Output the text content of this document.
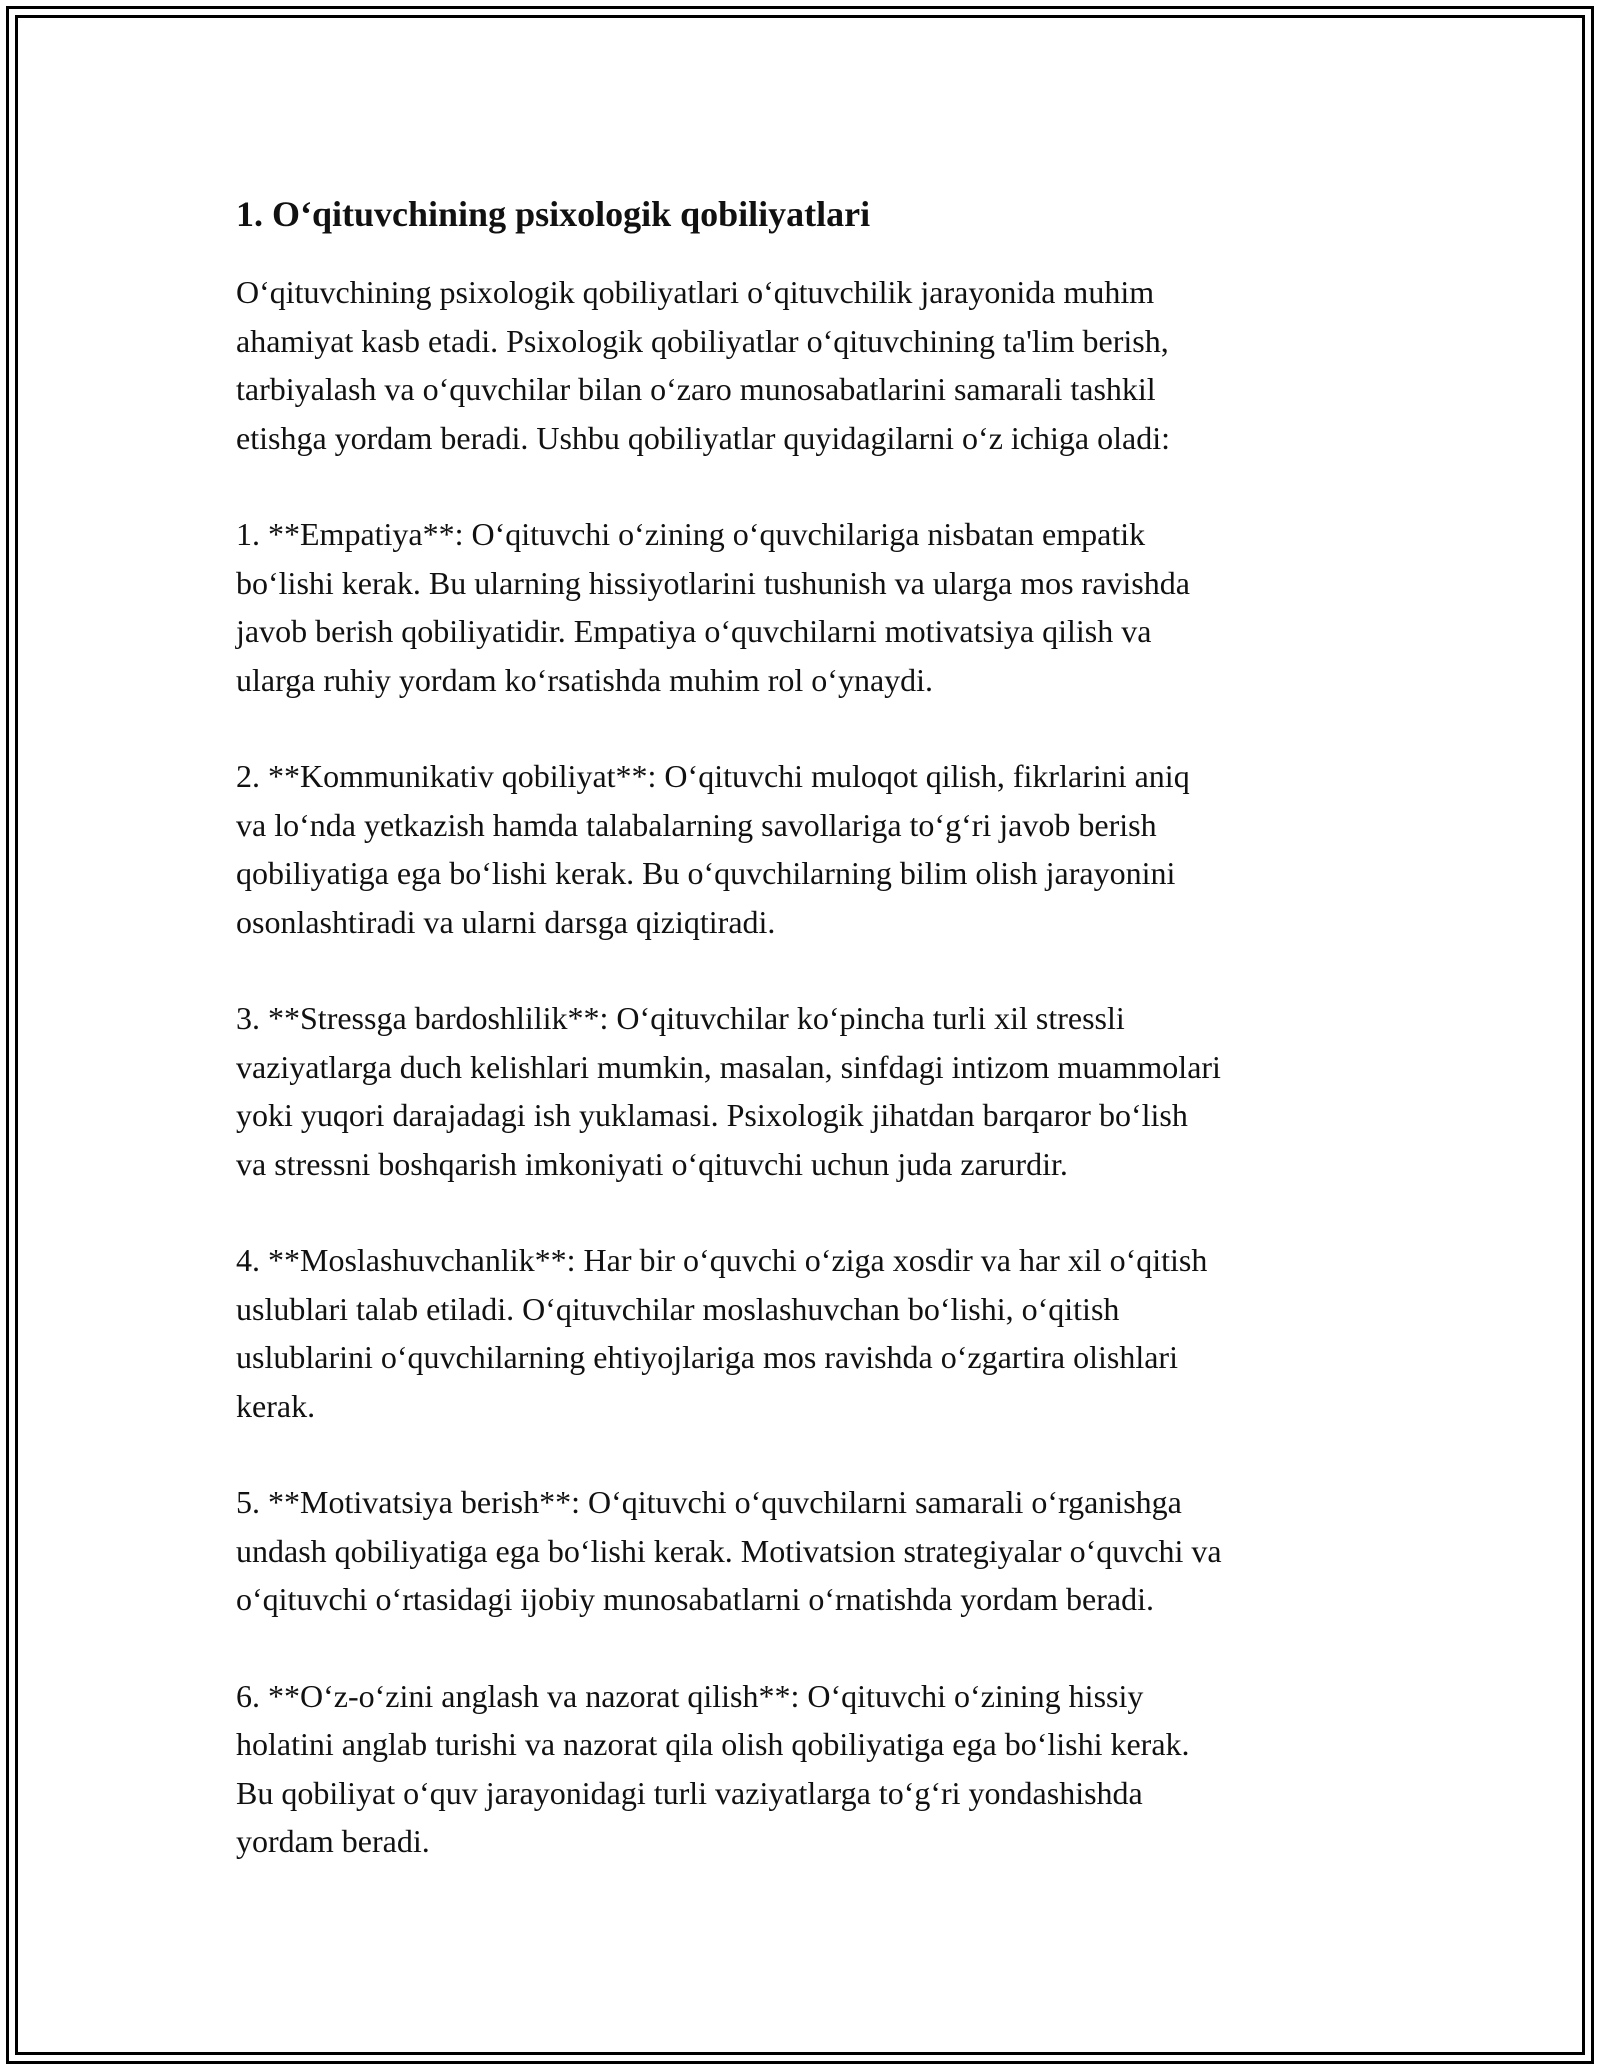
1. O‘qituvchining psixologik qobiliyatlari

O‘qituvchining psixologik qobiliyatlari o‘qituvchilik jarayonida muhim
ahamiyat kasb etadi. Psixologik qobiliyatlar o‘qituvchining ta'lim berish,
tarbiyalash va o‘quvchilar bilan o‘zaro munosabatlarini samarali tashkil
etishga yordam beradi. Ushbu qobiliyatlar quyidagilarni o‘z ichiga oladi:

1. **Empatiya**: O‘qituvchi o‘zining o‘quvchilariga nisbatan empatik
bo‘lishi kerak. Bu ularning hissiyotlarini tushunish va ularga mos ravishda
javob berish qobiliyatidir. Empatiya o‘quvchilarni motivatsiya qilish va
ularga ruhiy yordam ko‘rsatishda muhim rol o‘ynaydi.

2. **Kommunikativ qobiliyat**: O‘qituvchi muloqot qilish, fikrlarini aniq
va lo‘nda yetkazish hamda talabalarning savollariga to‘g‘ri javob berish
qobiliyatiga ega bo‘lishi kerak. Bu o‘quvchilarning bilim olish jarayonini
osonlashtiradi va ularni darsga qiziqtiradi.

3. **Stressga bardoshlilik**: O‘qituvchilar ko‘pincha turli xil stressli
vaziyatlarga duch kelishlari mumkin, masalan, sinfdagi intizom muammolari
yoki yuqori darajadagi ish yuklamasi. Psixologik jihatdan barqaror bo‘lish
va stressni boshqarish imkoniyati o‘qituvchi uchun juda zarurdir.

4. **Moslashuvchanlik**: Har bir o‘quvchi o‘ziga xosdir va har xil o‘qitish
uslublari talab etiladi. O‘qituvchilar moslashuvchan bo‘lishi, o‘qitish
uslublarini o‘quvchilarning ehtiyojlariga mos ravishda o‘zgartira olishlari
kerak.

5. **Motivatsiya berish**: O‘qituvchi o‘quvchilarni samarali o‘rganishga
undash qobiliyatiga ega bo‘lishi kerak. Motivatsion strategiyalar o‘quvchi va
o‘qituvchi o‘rtasidagi ijobiy munosabatlarni o‘rnatishda yordam beradi.

6. **O‘z-o‘zini anglash va nazorat qilish**: O‘qituvchi o‘zining hissiy
holatini anglab turishi va nazorat qila olish qobiliyatiga ega bo‘lishi kerak.
Bu qobiliyat o‘quv jarayonidagi turli vaziyatlarga to‘g‘ri yondashishda
yordam beradi.
